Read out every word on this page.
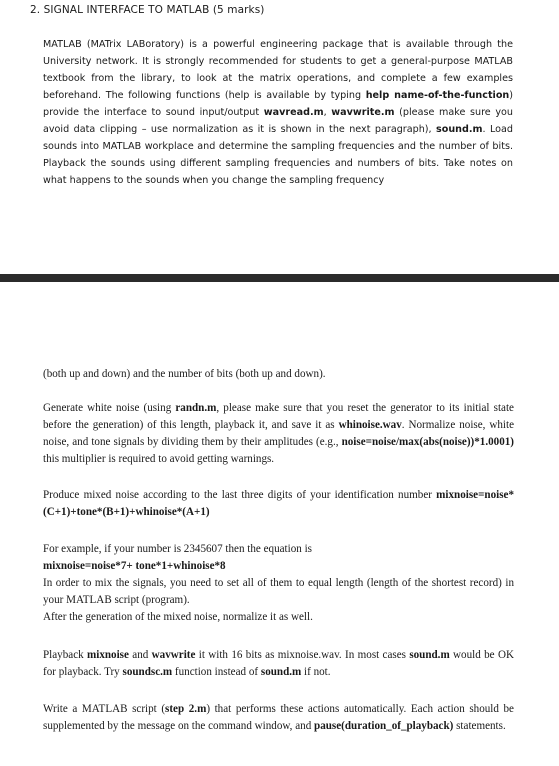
2. SIGNAL INTERFACE TO MATLAB (5 marks)

MATLAB (MATrix LABoratory) is a powerful engineering package that is available through the University network. It is strongly recommended for students to get a general-purpose MATLAB textbook from the library, to look at the matrix operations, and complete a few examples beforehand. The following functions (help is available by typing help name-of-the-function) provide the interface to sound input/output wavread.m, wavwrite.m (please make sure you avoid data clipping – use normalization as it is shown in the next paragraph), sound.m. Load sounds into MATLAB workplace and determine the sampling frequencies and the number of bits. Playback the sounds using different sampling frequencies and numbers of bits. Take notes on what happens to the sounds when you change the sampling frequency

(both up and down) and the number of bits (both up and down).

Generate white noise (using randn.m, please make sure that you reset the generator to its initial state before the generation) of this length, playback it, and save it as whinoise.wav. Normalize noise, white noise, and tone signals by dividing them by their amplitudes (e.g., noise=noise/max(abs(noise))*1.0001) this multiplier is required to avoid getting warnings.

Produce mixed noise according to the last three digits of your identification number mixnoise=noise*(C+1)+tone*(B+1)+whinoise*(A+1)

For example, if your number is 2345607 then the equation is
mixnoise=noise*7+ tone*1+whinoise*8
In order to mix the signals, you need to set all of them to equal length (length of the shortest record) in your MATLAB script (program).
After the generation of the mixed noise, normalize it as well.

Playback mixnoise and wavwrite it with 16 bits as mixnoise.wav. In most cases sound.m would be OK for playback. Try soundsc.m function instead of sound.m if not.

Write a MATLAB script (step 2.m) that performs these actions automatically. Each action should be supplemented by the message on the command window, and pause(duration_of_playback) statements.
